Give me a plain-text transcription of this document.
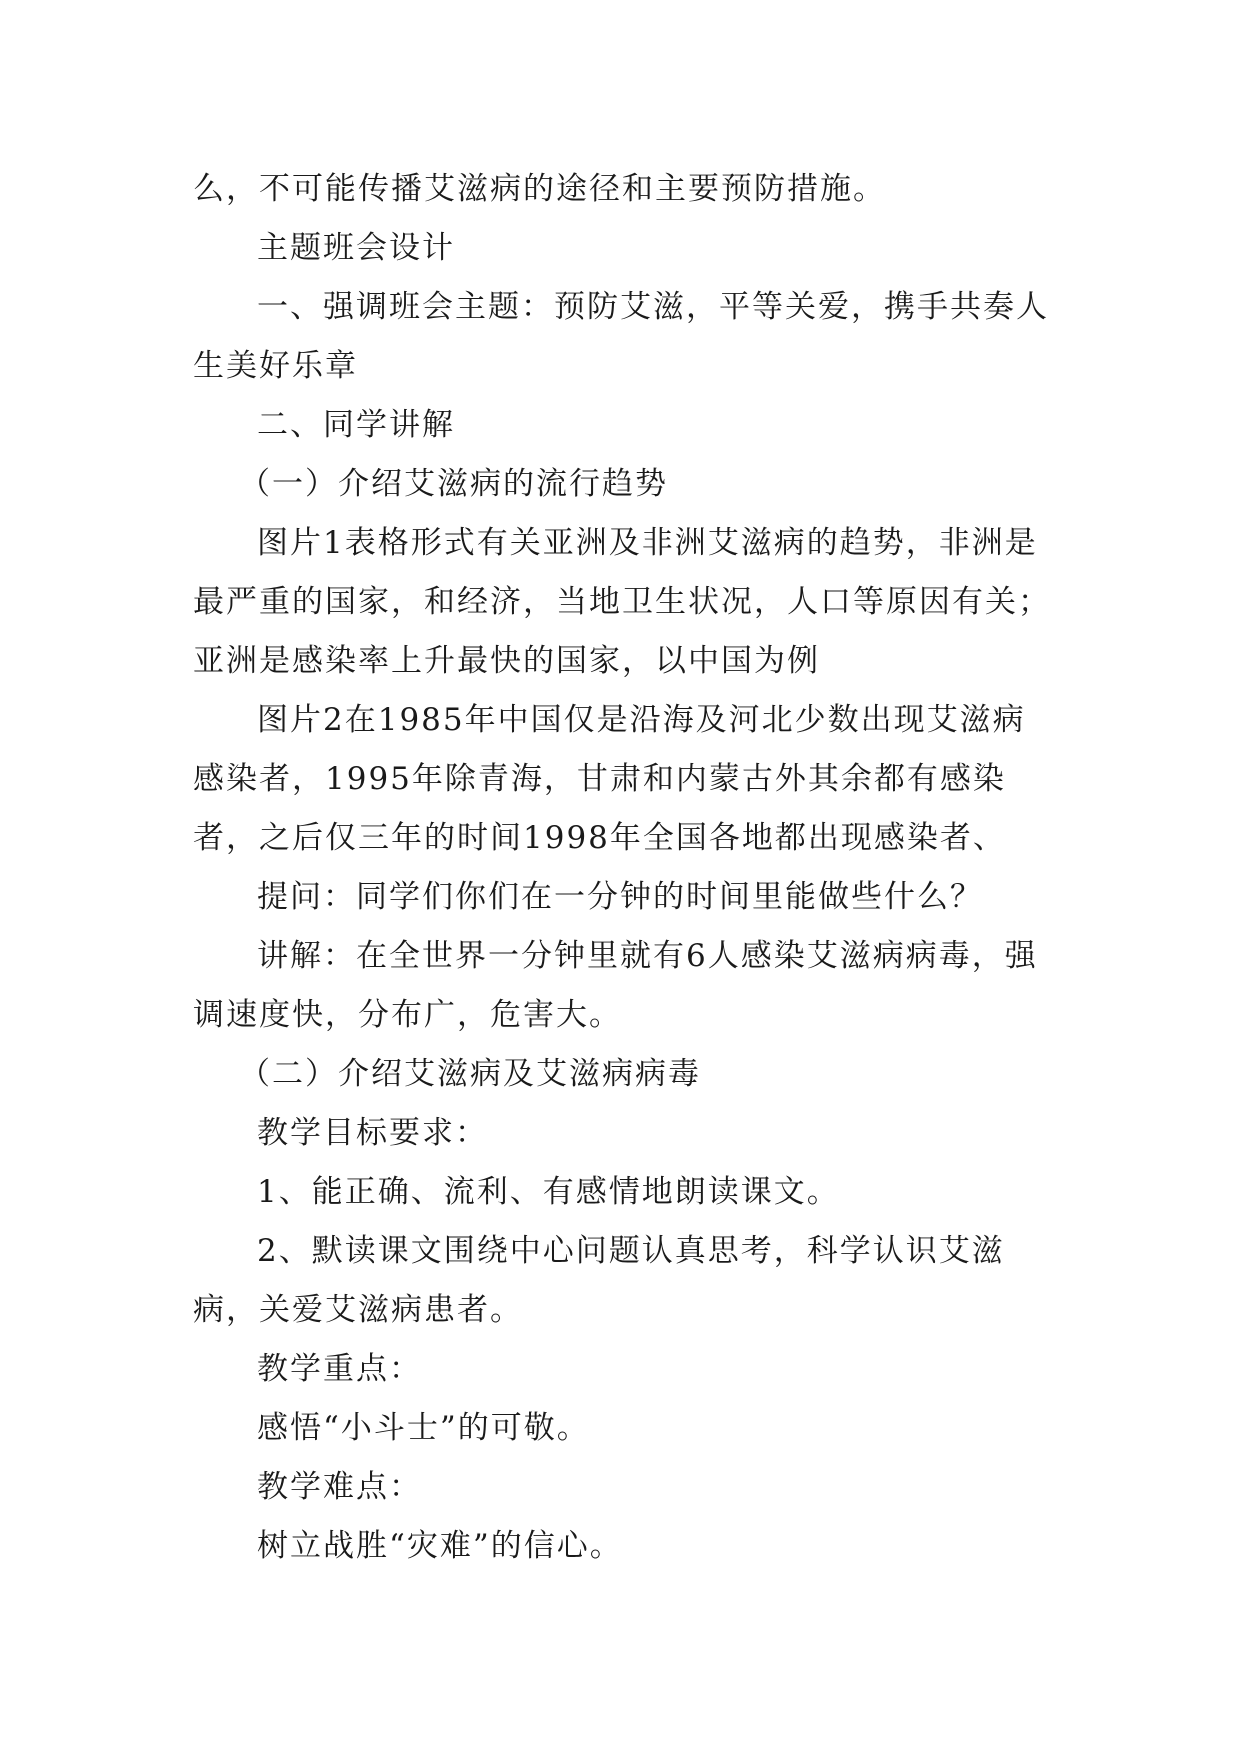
么，不可能传播艾滋病的途径和主要预防措施。

主题班会设计

一、强调班会主题：预防艾滋，平等关爱，携手共奏人生美好乐章

二、同学讲解

（一）介绍艾滋病的流行趋势

图片1表格形式有关亚洲及非洲艾滋病的趋势，非洲是最严重的国家，和经济，当地卫生状况，人口等原因有关；亚洲是感染率上升最快的国家，以中国为例

图片2在1985年中国仅是沿海及河北少数出现艾滋病感染者，1995年除青海，甘肃和内蒙古外其余都有感染者，之后仅三年的时间1998年全国各地都出现感染者、

提问：同学们你们在一分钟的时间里能做些什么？

讲解：在全世界一分钟里就有6人感染艾滋病病毒，强调速度快，分布广，危害大。

（二）介绍艾滋病及艾滋病病毒

教学目标要求：

1、能正确、流利、有感情地朗读课文。

2、默读课文围绕中心问题认真思考，科学认识艾滋病，关爱艾滋病患者。

教学重点：

感悟“小斗士”的可敬。

教学难点：

树立战胜“灾难”的信心。
